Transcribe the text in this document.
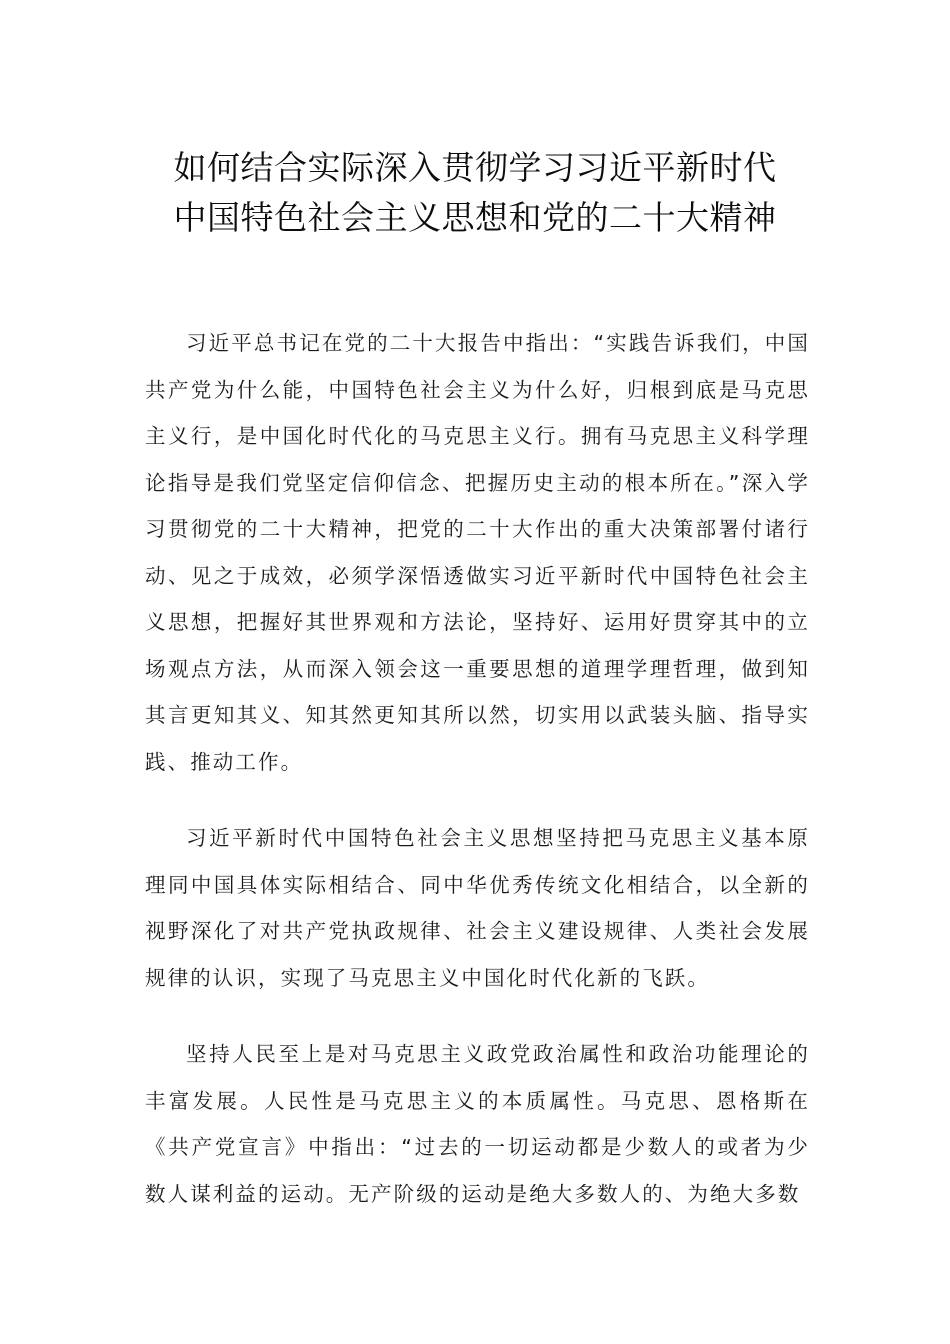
如何结合实际深入贯彻学习习近平新时代
中国特色社会主义思想和党的二十大精神

习近平总书记在党的二十大报告中指出：“实践告诉我们，中国共产党为什么能，中国特色社会主义为什么好，归根到底是马克思主义行，是中国化时代化的马克思主义行。拥有马克思主义科学理论指导是我们党坚定信仰信念、把握历史主动的根本所在。”深入学习贯彻党的二十大精神，把党的二十大作出的重大决策部署付诸行动、见之于成效，必须学深悟透做实习近平新时代中国特色社会主义思想，把握好其世界观和方法论，坚持好、运用好贯穿其中的立场观点方法，从而深入领会这一重要思想的道理学理哲理，做到知其言更知其义、知其然更知其所以然，切实用以武装头脑、指导实践、推动工作。

习近平新时代中国特色社会主义思想坚持把马克思主义基本原理同中国具体实际相结合、同中华优秀传统文化相结合，以全新的视野深化了对共产党执政规律、社会主义建设规律、人类社会发展规律的认识，实现了马克思主义中国化时代化新的飞跃。

坚持人民至上是对马克思主义政党政治属性和政治功能理论的丰富发展。人民性是马克思主义的本质属性。马克思、恩格斯在《共产党宣言》中指出：“过去的一切运动都是少数人的或者为少数人谋利益的运动。无产阶级的运动是绝大多数人的、为绝大多数
